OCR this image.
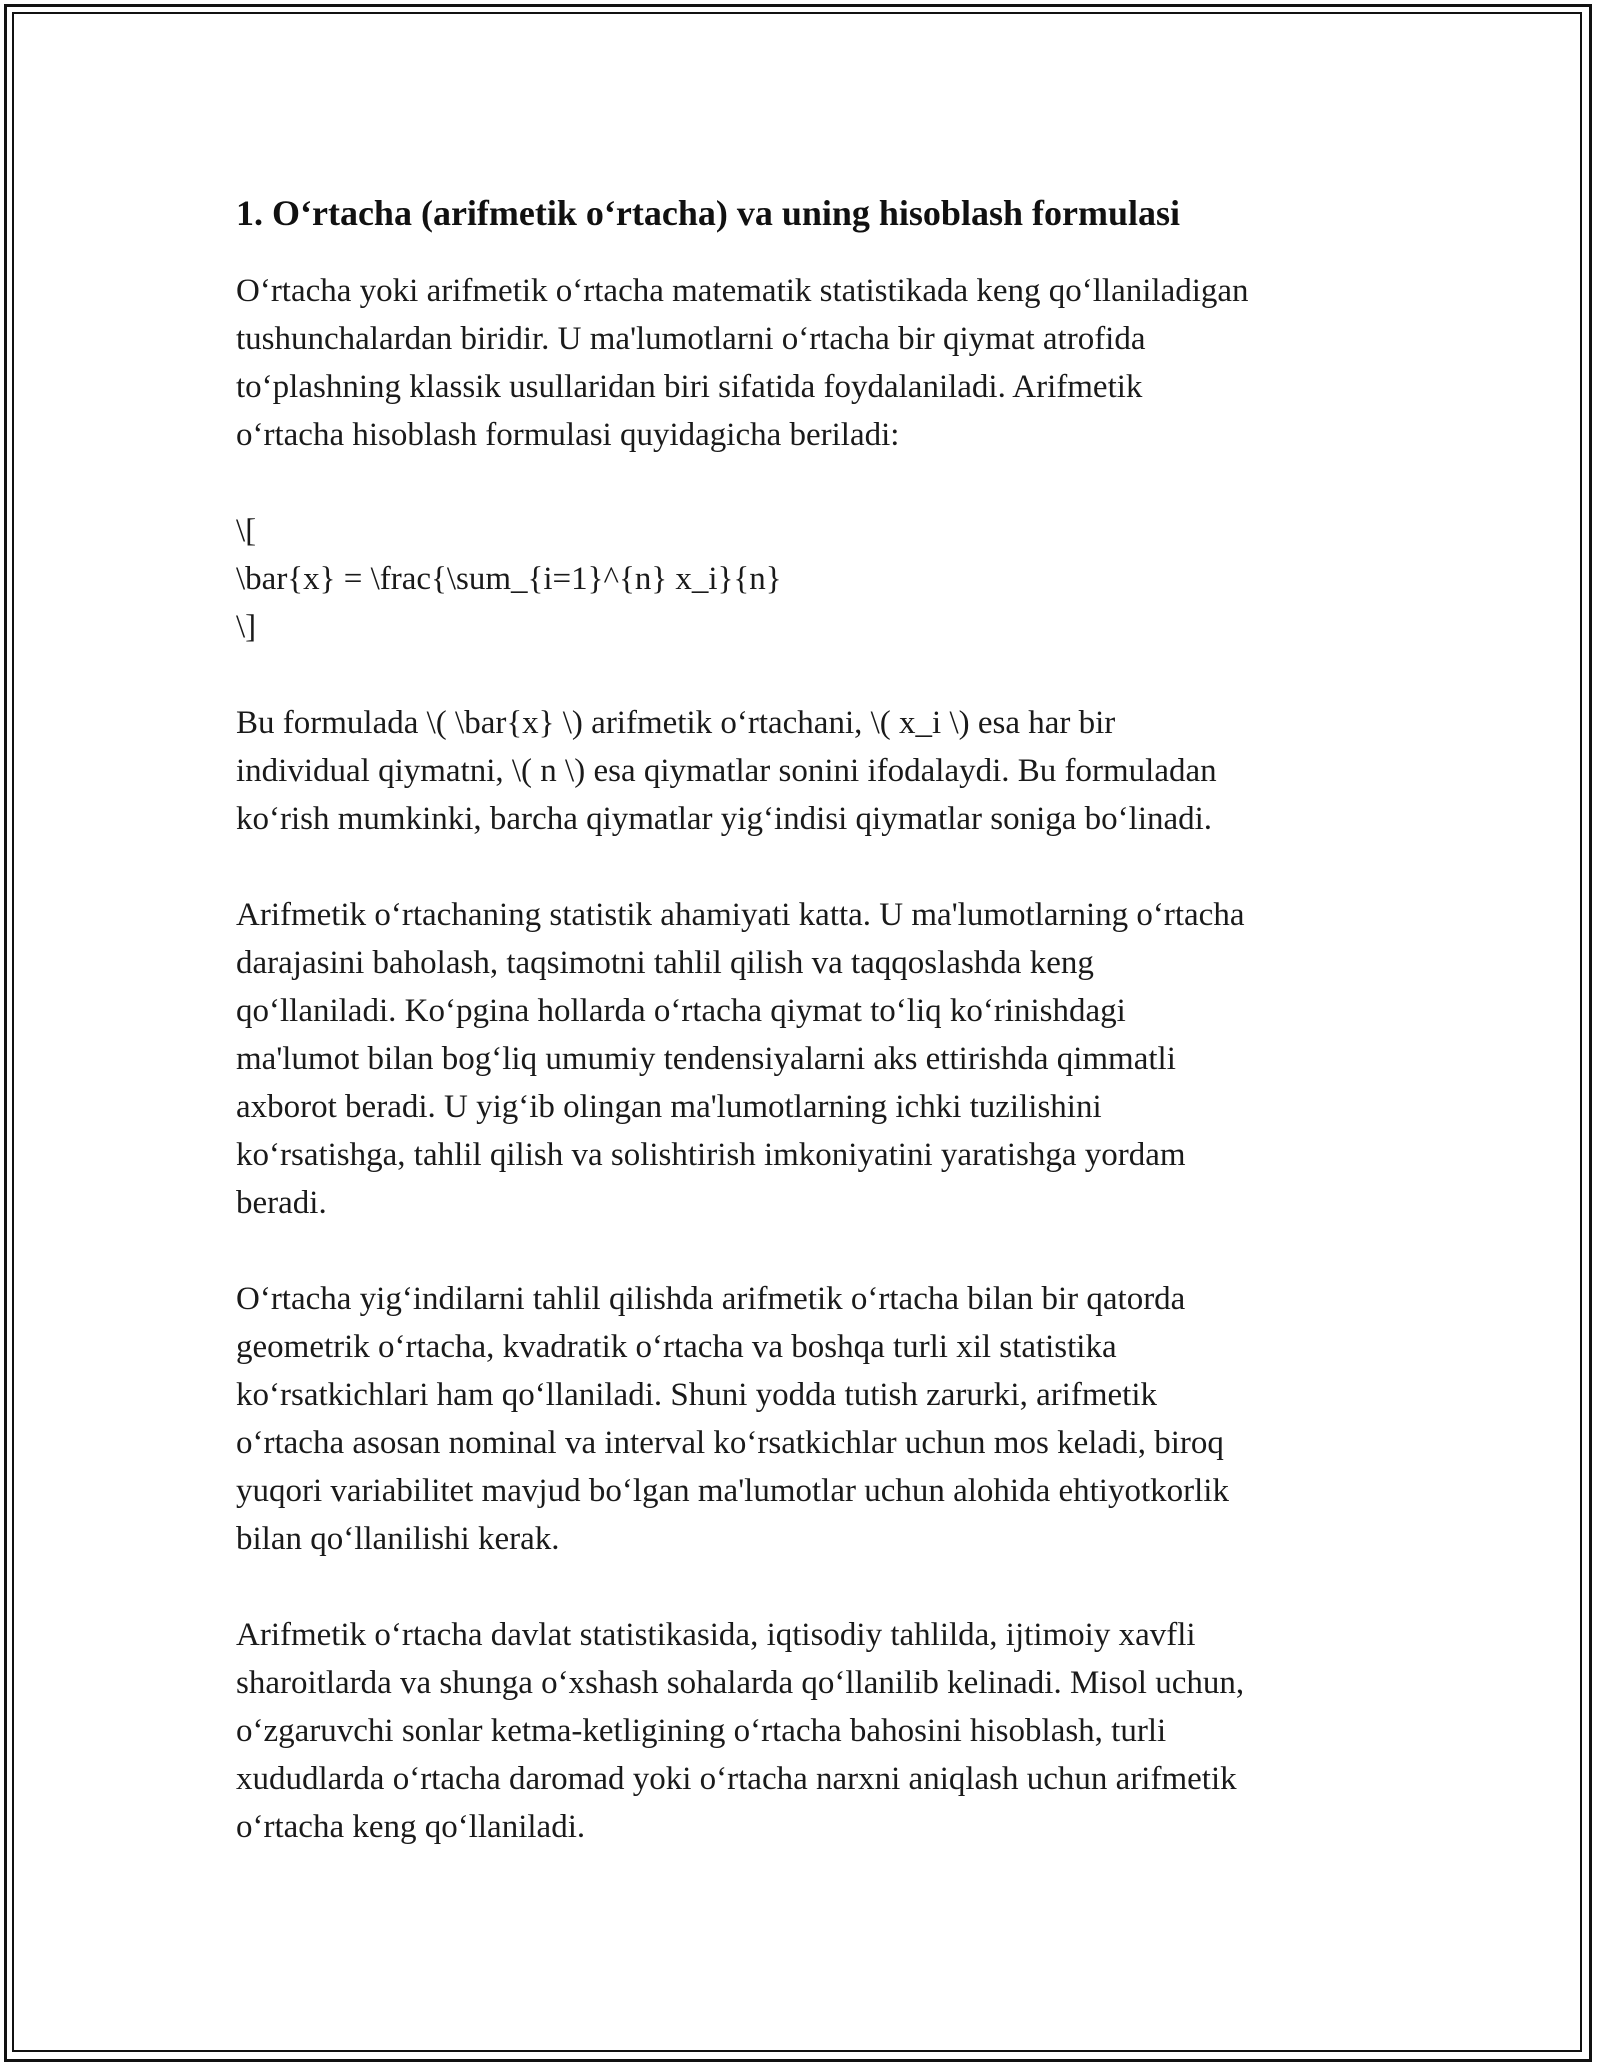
1. O‘rtacha (arifmetik o‘rtacha) va uning hisoblash formulasi

O‘rtacha yoki arifmetik o‘rtacha matematik statistikada keng qo‘llaniladigan
tushunchalardan biridir. U ma'lumotlarni o‘rtacha bir qiymat atrofida
to‘plashning klassik usullaridan biri sifatida foydalaniladi. Arifmetik
o‘rtacha hisoblash formulasi quyidagicha beriladi:

\[
\bar{x} = \frac{\sum_{i=1}^{n} x_i}{n}
\]

Bu formulada \( \bar{x} \) arifmetik o‘rtachani, \( x_i \) esa har bir
individual qiymatni, \( n \) esa qiymatlar sonini ifodalaydi. Bu formuladan
ko‘rish mumkinki, barcha qiymatlar yig‘indisi qiymatlar soniga bo‘linadi.

Arifmetik o‘rtachaning statistik ahamiyati katta. U ma'lumotlarning o‘rtacha
darajasini baholash, taqsimotni tahlil qilish va taqqoslashda keng
qo‘llaniladi. Ko‘pgina hollarda o‘rtacha qiymat to‘liq ko‘rinishdagi
ma'lumot bilan bog‘liq umumiy tendensiyalarni aks ettirishda qimmatli
axborot beradi. U yig‘ib olingan ma'lumotlarning ichki tuzilishini
ko‘rsatishga, tahlil qilish va solishtirish imkoniyatini yaratishga yordam
beradi.

O‘rtacha yig‘indilarni tahlil qilishda arifmetik o‘rtacha bilan bir qatorda
geometrik o‘rtacha, kvadratik o‘rtacha va boshqa turli xil statistika
ko‘rsatkichlari ham qo‘llaniladi. Shuni yodda tutish zarurki, arifmetik
o‘rtacha asosan nominal va interval ko‘rsatkichlar uchun mos keladi, biroq
yuqori variabilitet mavjud bo‘lgan ma'lumotlar uchun alohida ehtiyotkorlik
bilan qo‘llanilishi kerak.

Arifmetik o‘rtacha davlat statistikasida, iqtisodiy tahlilda, ijtimoiy xavfli
sharoitlarda va shunga o‘xshash sohalarda qo‘llanilib kelinadi. Misol uchun,
o‘zgaruvchi sonlar ketma-ketligining o‘rtacha bahosini hisoblash, turli
xududlarda o‘rtacha daromad yoki o‘rtacha narxni aniqlash uchun arifmetik
o‘rtacha keng qo‘llaniladi.
